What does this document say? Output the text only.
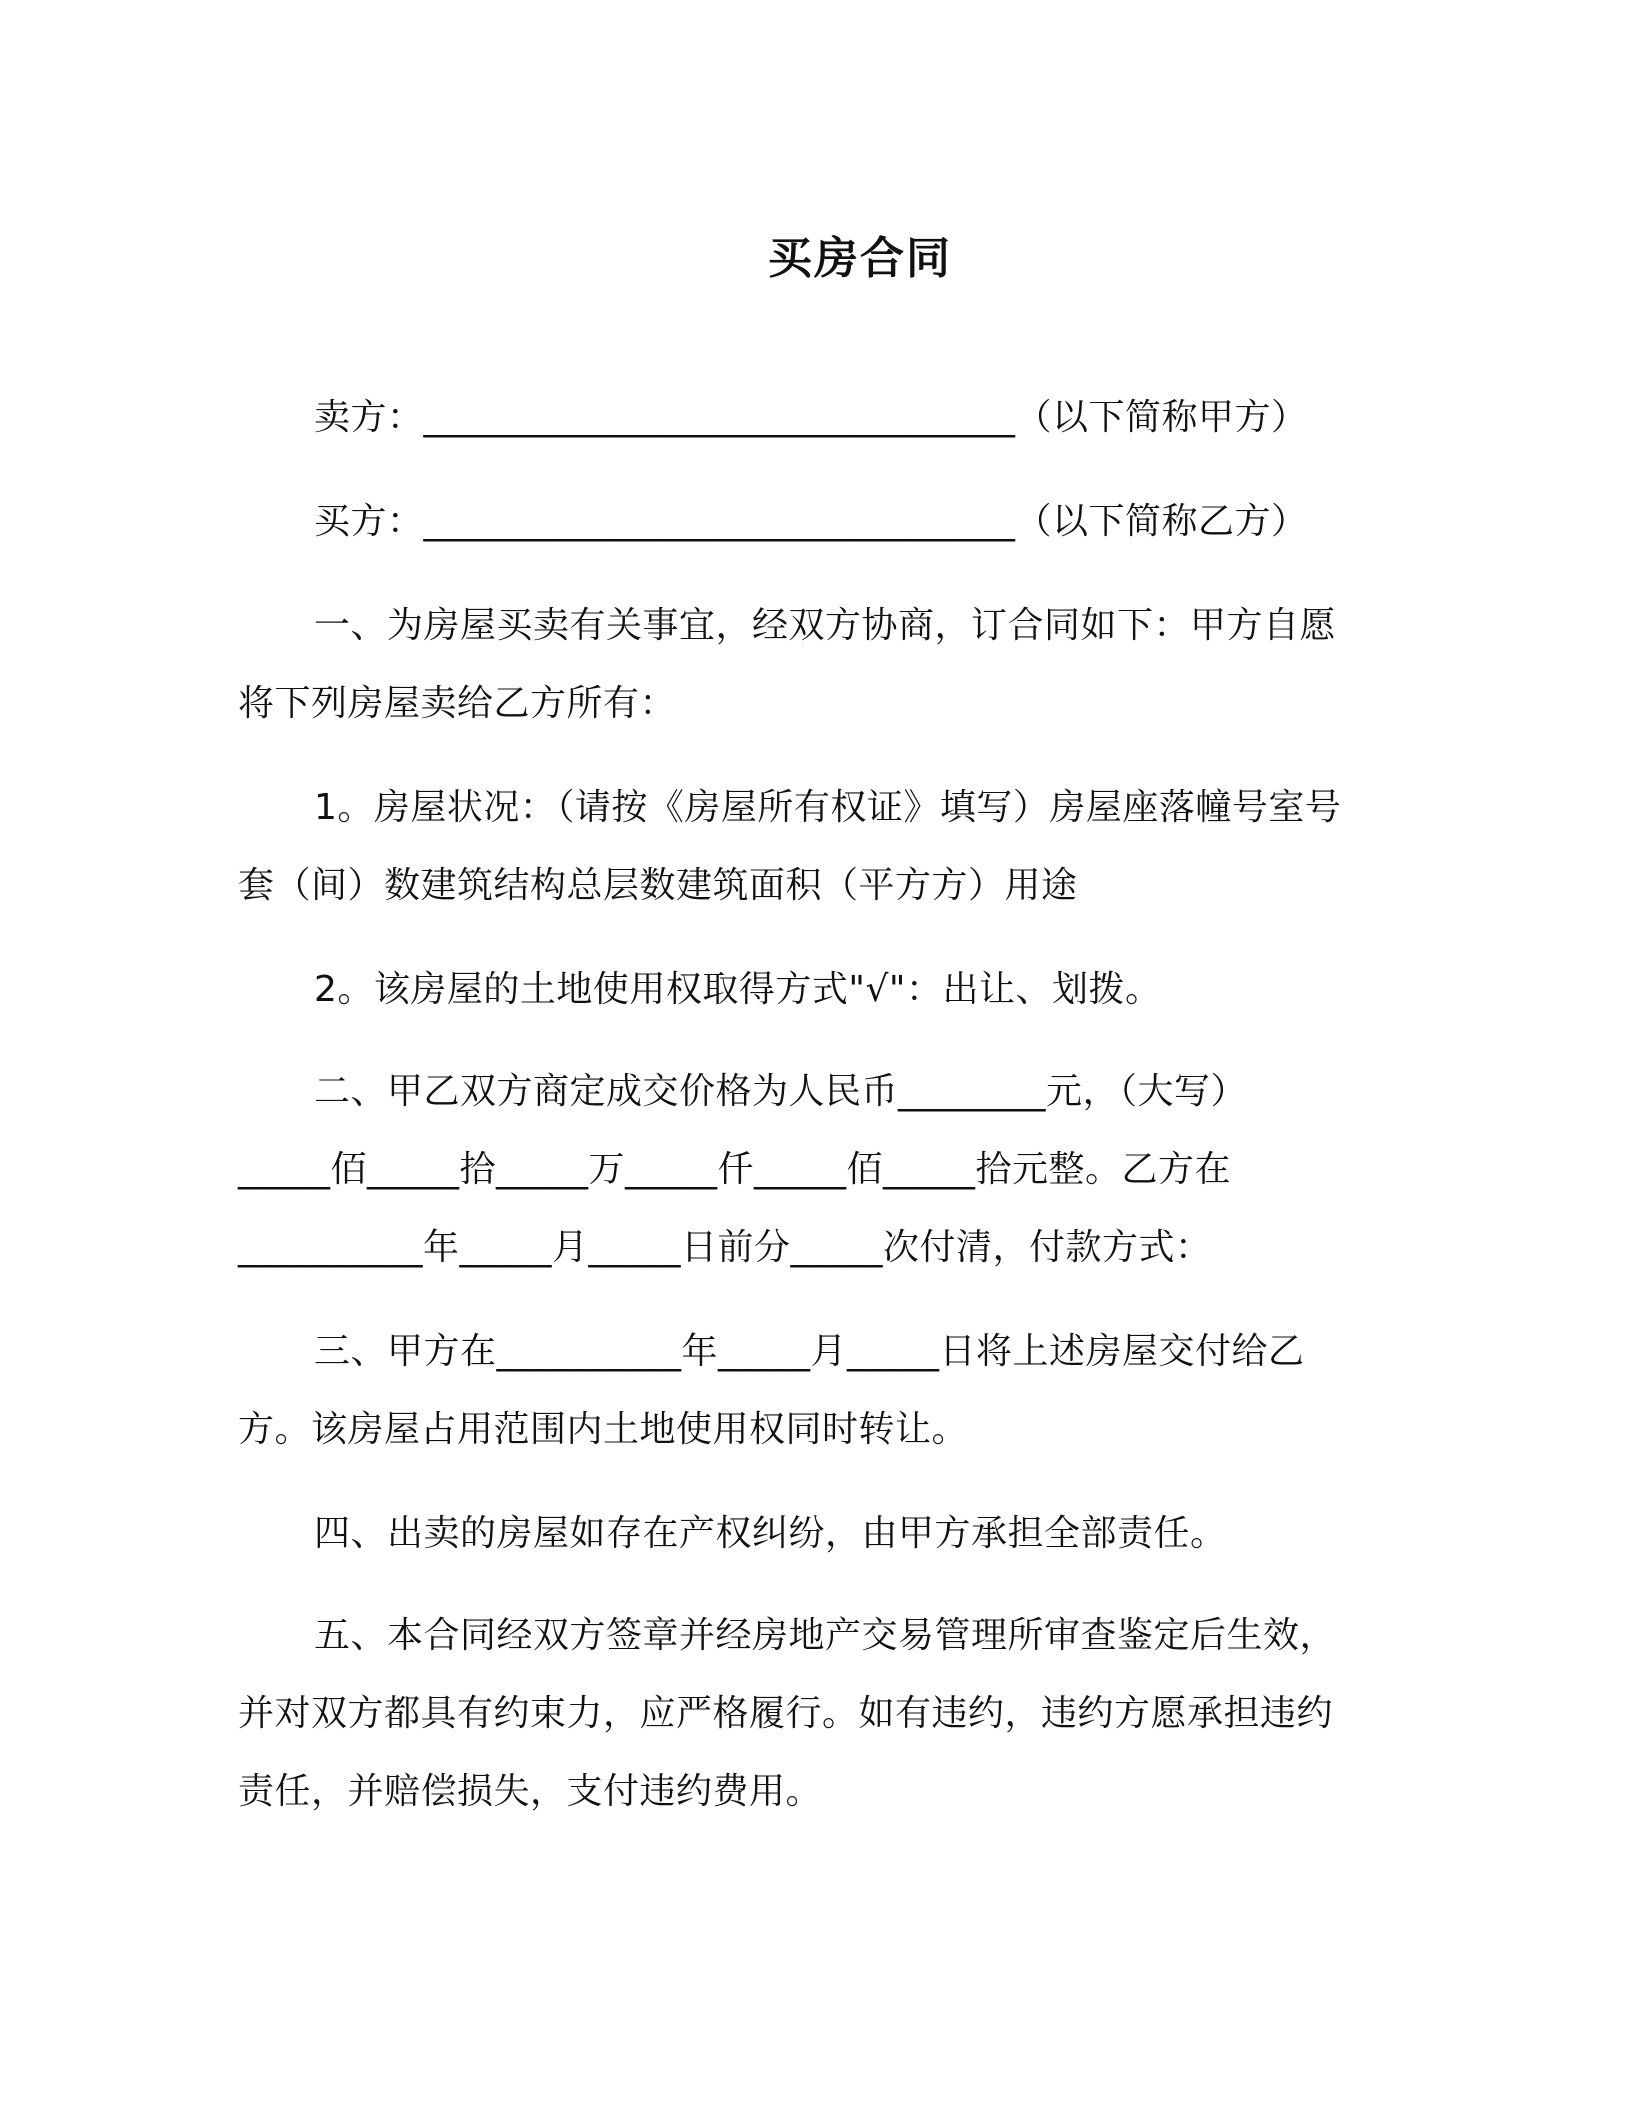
买房合同
卖方：________________________________（以下简称甲方）
买方：________________________________（以下简称乙方）
一、为房屋买卖有关事宜，经双方协商，订合同如下：甲方自愿
将下列房屋卖给乙方所有：
1。房屋状况：（请按《房屋所有权证》填写）房屋座落幢号室号
套（间）数建筑结构总层数建筑面积（平方方）用途
2。该房屋的土地使用权取得方式"√"：出让、划拨。
二、甲乙双方商定成交价格为人民币________元，（大写）
_____佰_____拾_____万_____仟_____佰_____拾元整。乙方在
__________年_____月_____日前分_____次付清，付款方式：
三、甲方在__________年_____月_____日将上述房屋交付给乙
方。该房屋占用范围内土地使用权同时转让。
四、出卖的房屋如存在产权纠纷，由甲方承担全部责任。
五、本合同经双方签章并经房地产交易管理所审查鉴定后生效，
并对双方都具有约束力，应严格履行。如有违约，违约方愿承担违约
责任，并赔偿损失，支付违约费用。
